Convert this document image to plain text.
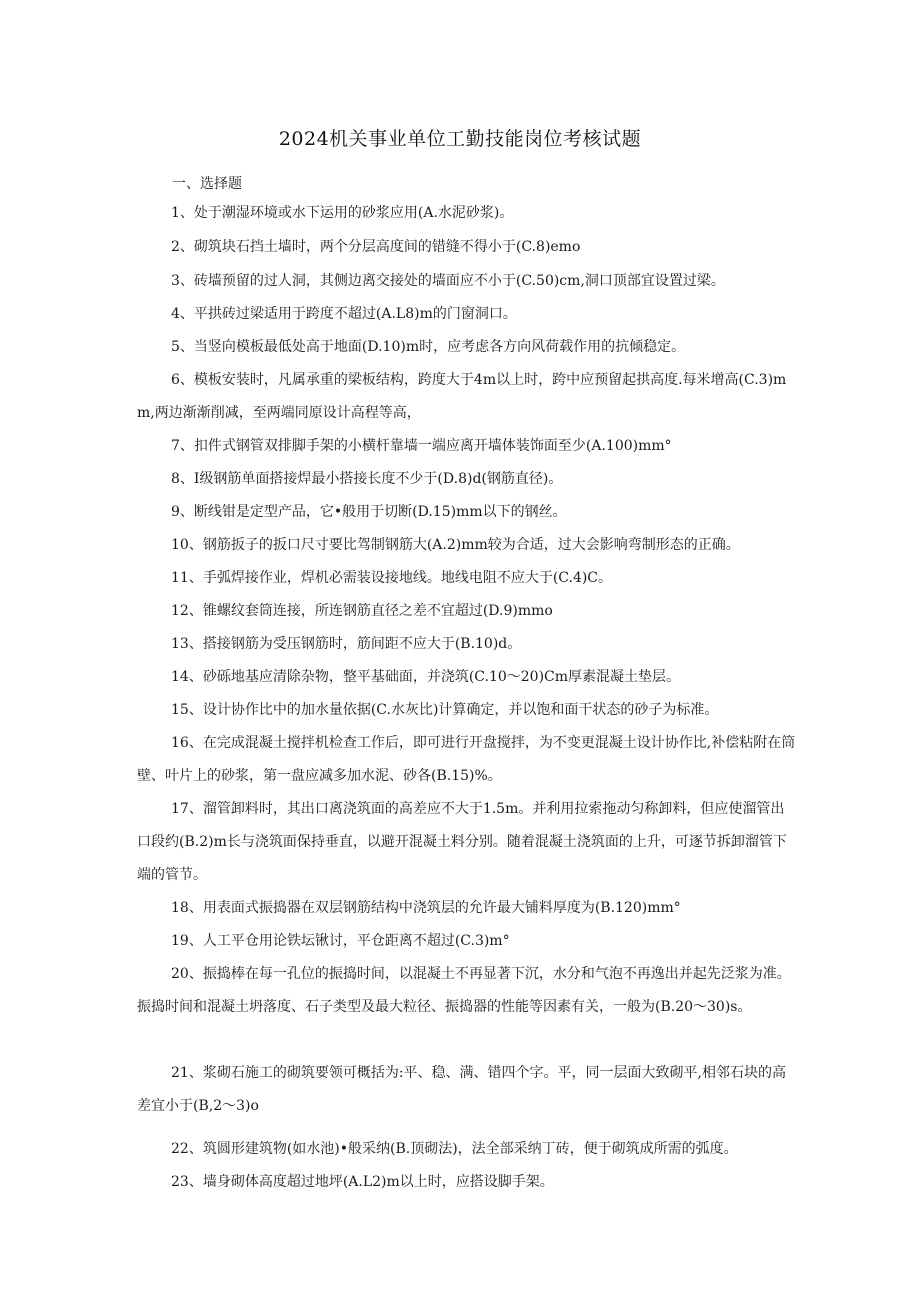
2024机关事业单位工勤技能岗位考核试题
一、选择题
1、处于潮湿环境或水下运用的砂浆应用(A.水泥砂浆)。
2、砌筑块石挡土墙时，两个分层高度间的错缝不得小于(C.8)emo
3、砖墙预留的过人洞，其侧边离交接处的墙面应不小于(C.50)cm,洞口顶部宜设置过梁。
4、平拱砖过梁适用于跨度不超过(A.L8)m的门窗洞口。
5、当竖向模板最低处高于地面(D.10)m时，应考虑各方向风荷载作用的抗倾稳定。
6、模板安装时，凡属承重的梁板结构，跨度大于4m以上时，跨中应预留起拱高度.每米增高(C.3)mm,两边渐渐削减，至两端同原设计高程等高，
7、扣件式钢管双排脚手架的小横杆靠墙一端应离开墙体装饰面至少(A.100)mm°
8、I级钢筋单面搭接焊最小搭接长度不少于(D.8)d(钢筋直径)。
9、断线钳是定型产品，它•般用于切断(D.15)mm以下的钢丝。
10、钢筋扳子的扳口尺寸要比驾制钢筋大(A.2)mm较为合适，过大会影响弯制形态的正确。
11、手弧焊接作业，焊机必需装设接地线。地线电阻不应大于(C.4)C。
12、锥螺纹套筒连接，所连钢筋直径之差不宜超过(D.9)mmo
13、搭接钢筋为受压钢筋时，筋间距不应大于(B.10)d。
14、砂砾地基应清除杂物，整平基础面，并浇筑(C.10～20)Cm厚素混凝土垫层。
15、设计协作比中的加水量依据(C.水灰比)计算确定，并以饱和面干状态的砂子为标准。
16、在完成混凝土搅拌机检查工作后，即可进行开盘搅拌，为不变更混凝土设计协作比,补偿粘附在筒壁、叶片上的砂浆，第一盘应减多加水泥、砂各(B.15)%。
17、溜管卸料时，其出口离浇筑面的高差应不大于1.5m。并利用拉索拖动匀称卸料，但应使溜管出口段约(B.2)m长与浇筑面保持垂直，以避开混凝土料分别。随着混凝土浇筑面的上升，可逐节拆卸溜管下端的管节。
18、用表面式振捣器在双层钢筋结构中浇筑层的允许最大铺料厚度为(B.120)mm°
19、人工平仓用论铁坛锹讨，平仓距离不超过(C.3)m°
20、振捣棒在每一孔位的振捣时间，以混凝土不再显著下沉，水分和气泡不再逸出并起先泛浆为准。振捣时间和混凝土坍落度、石子类型及最大粒径、振捣器的性能等因素有关，一般为(B.20～30)s。
21、浆砌石施工的砌筑要领可概括为:平、稳、满、错四个字。平，同一层面大致砌平,相邻石块的高差宜小于(B,2～3)o
22、筑圆形建筑物(如水池)•般采纳(B.顶砌法)，法全部采纳丁砖，便于砌筑成所需的弧度。
23、墙身砌体高度超过地坪(A.L2)m以上时，应搭设脚手架。
